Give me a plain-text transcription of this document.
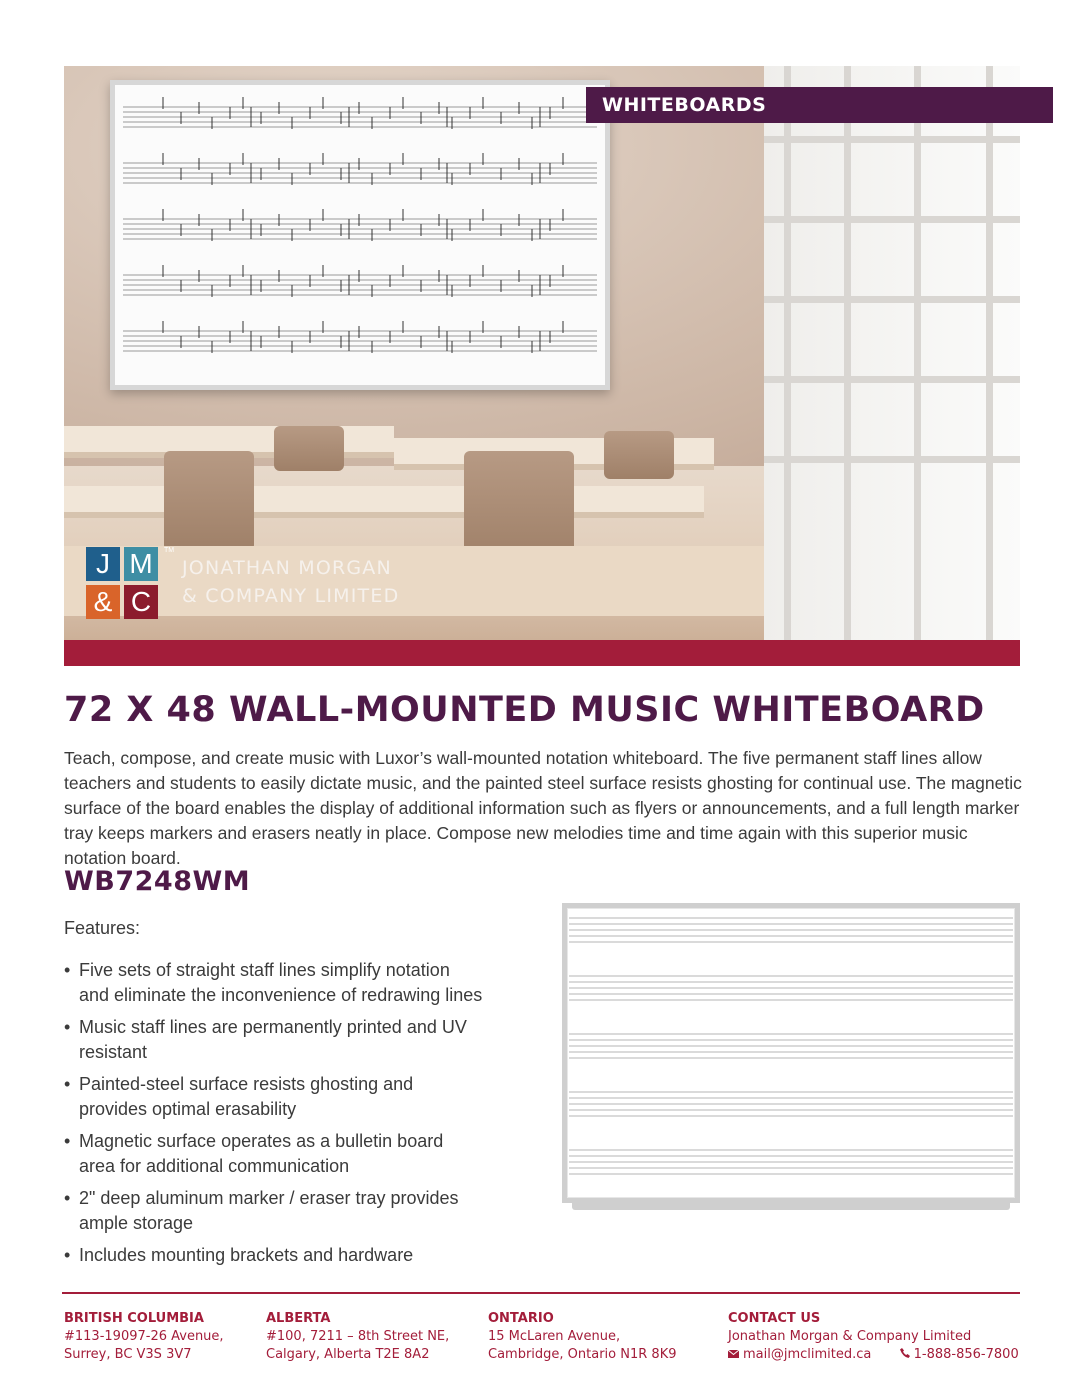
J M
& C
TM
JONATHAN MORGAN
& COMPANY LIMITED
WHITEBOARDS
72 X 48 WALL-MOUNTED MUSIC WHITEBOARD

Teach, compose, and create music with Luxor’s wall-mounted notation whiteboard. The five permanent staff lines allow teachers and students to easily dictate music, and the painted steel surface resists ghosting for continual use. The magnetic surface of the board enables the display of additional information such as flyers or announcements, and a full length marker tray keeps markers and erasers neatly in place. Compose new melodies time and time again with this superior music notation board.

WB7248WM
Features:
• Five sets of straight staff lines simplify notation and eliminate the inconvenience of redrawing lines
• Music staff lines are permanently printed and UV resistant
• Painted-steel surface resists ghosting and provides optimal erasability
• Magnetic surface operates as a bulletin board area for additional communication
• 2" deep aluminum marker / eraser tray provides ample storage
• Includes mounting brackets and hardware
BRITISH COLUMBIA
#113-19097-26 Avenue,
Surrey, BC V3S 3V7
ALBERTA
#100, 7211 – 8th Street NE,
Calgary, Alberta T2E 8A2
ONTARIO
15 McLaren Avenue,
Cambridge, Ontario N1R 8K9
CONTACT US
Jonathan Morgan & Company Limited
mail@jmclimited.ca	1-888-856-7800
